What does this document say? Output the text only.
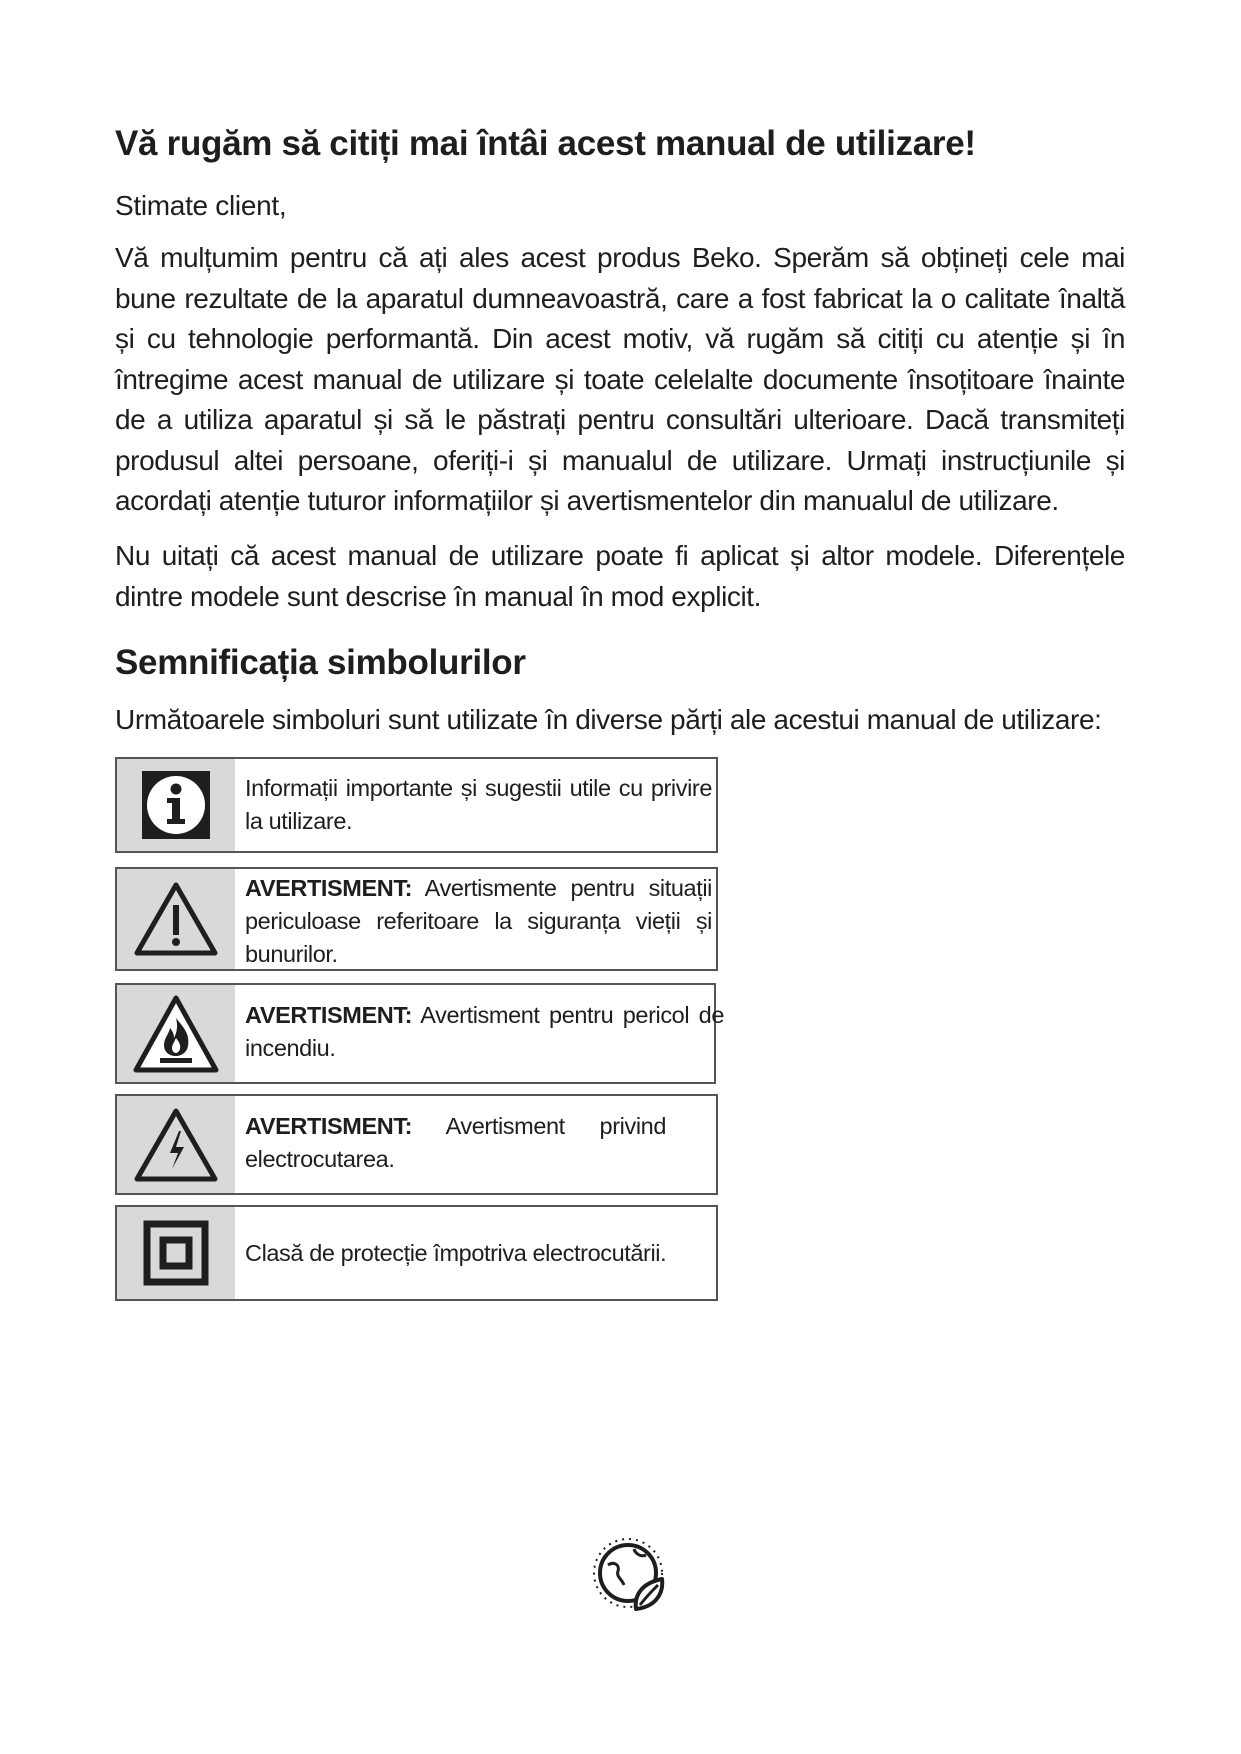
Vă rugăm să citiți mai întâi acest manual de utilizare!

Stimate client,

Vă mulțumim pentru că ați ales acest produs Beko. Sperăm să obțineți cele mai bune rezultate de la aparatul dumneavoastră, care a fost fabricat la o calitate înaltă și cu tehnologie performantă. Din acest motiv, vă rugăm să citiți cu atenție și în întregime acest manual de utilizare și toate celelalte documente însoțitoare înainte de a utiliza aparatul și să le păstrați pentru consultări ulterioare. Dacă transmiteți produsul altei persoane, oferiți-i și manualul de utilizare. Urmați instrucțiunile și acordați atenție tuturor informațiilor și avertismentelor din manualul de utilizare.

Nu uitați că acest manual de utilizare poate fi aplicat și altor modele. Diferențele dintre modele sunt descrise în manual în mod explicit.

Semnificația simbolurilor

Următoarele simboluri sunt utilizate în diverse părți ale acestui manual de utilizare:

Informații importante și sugestii utile cu privire la utilizare.
AVERTISMENT: Avertismente pentru situații periculoase referitoare la siguranța vieții și bunurilor.
AVERTISMENT: Avertisment pentru pericol de incendiu.
AVERTISMENT: Avertisment privind electrocutarea.
Clasă de protecție împotriva electrocutării.
